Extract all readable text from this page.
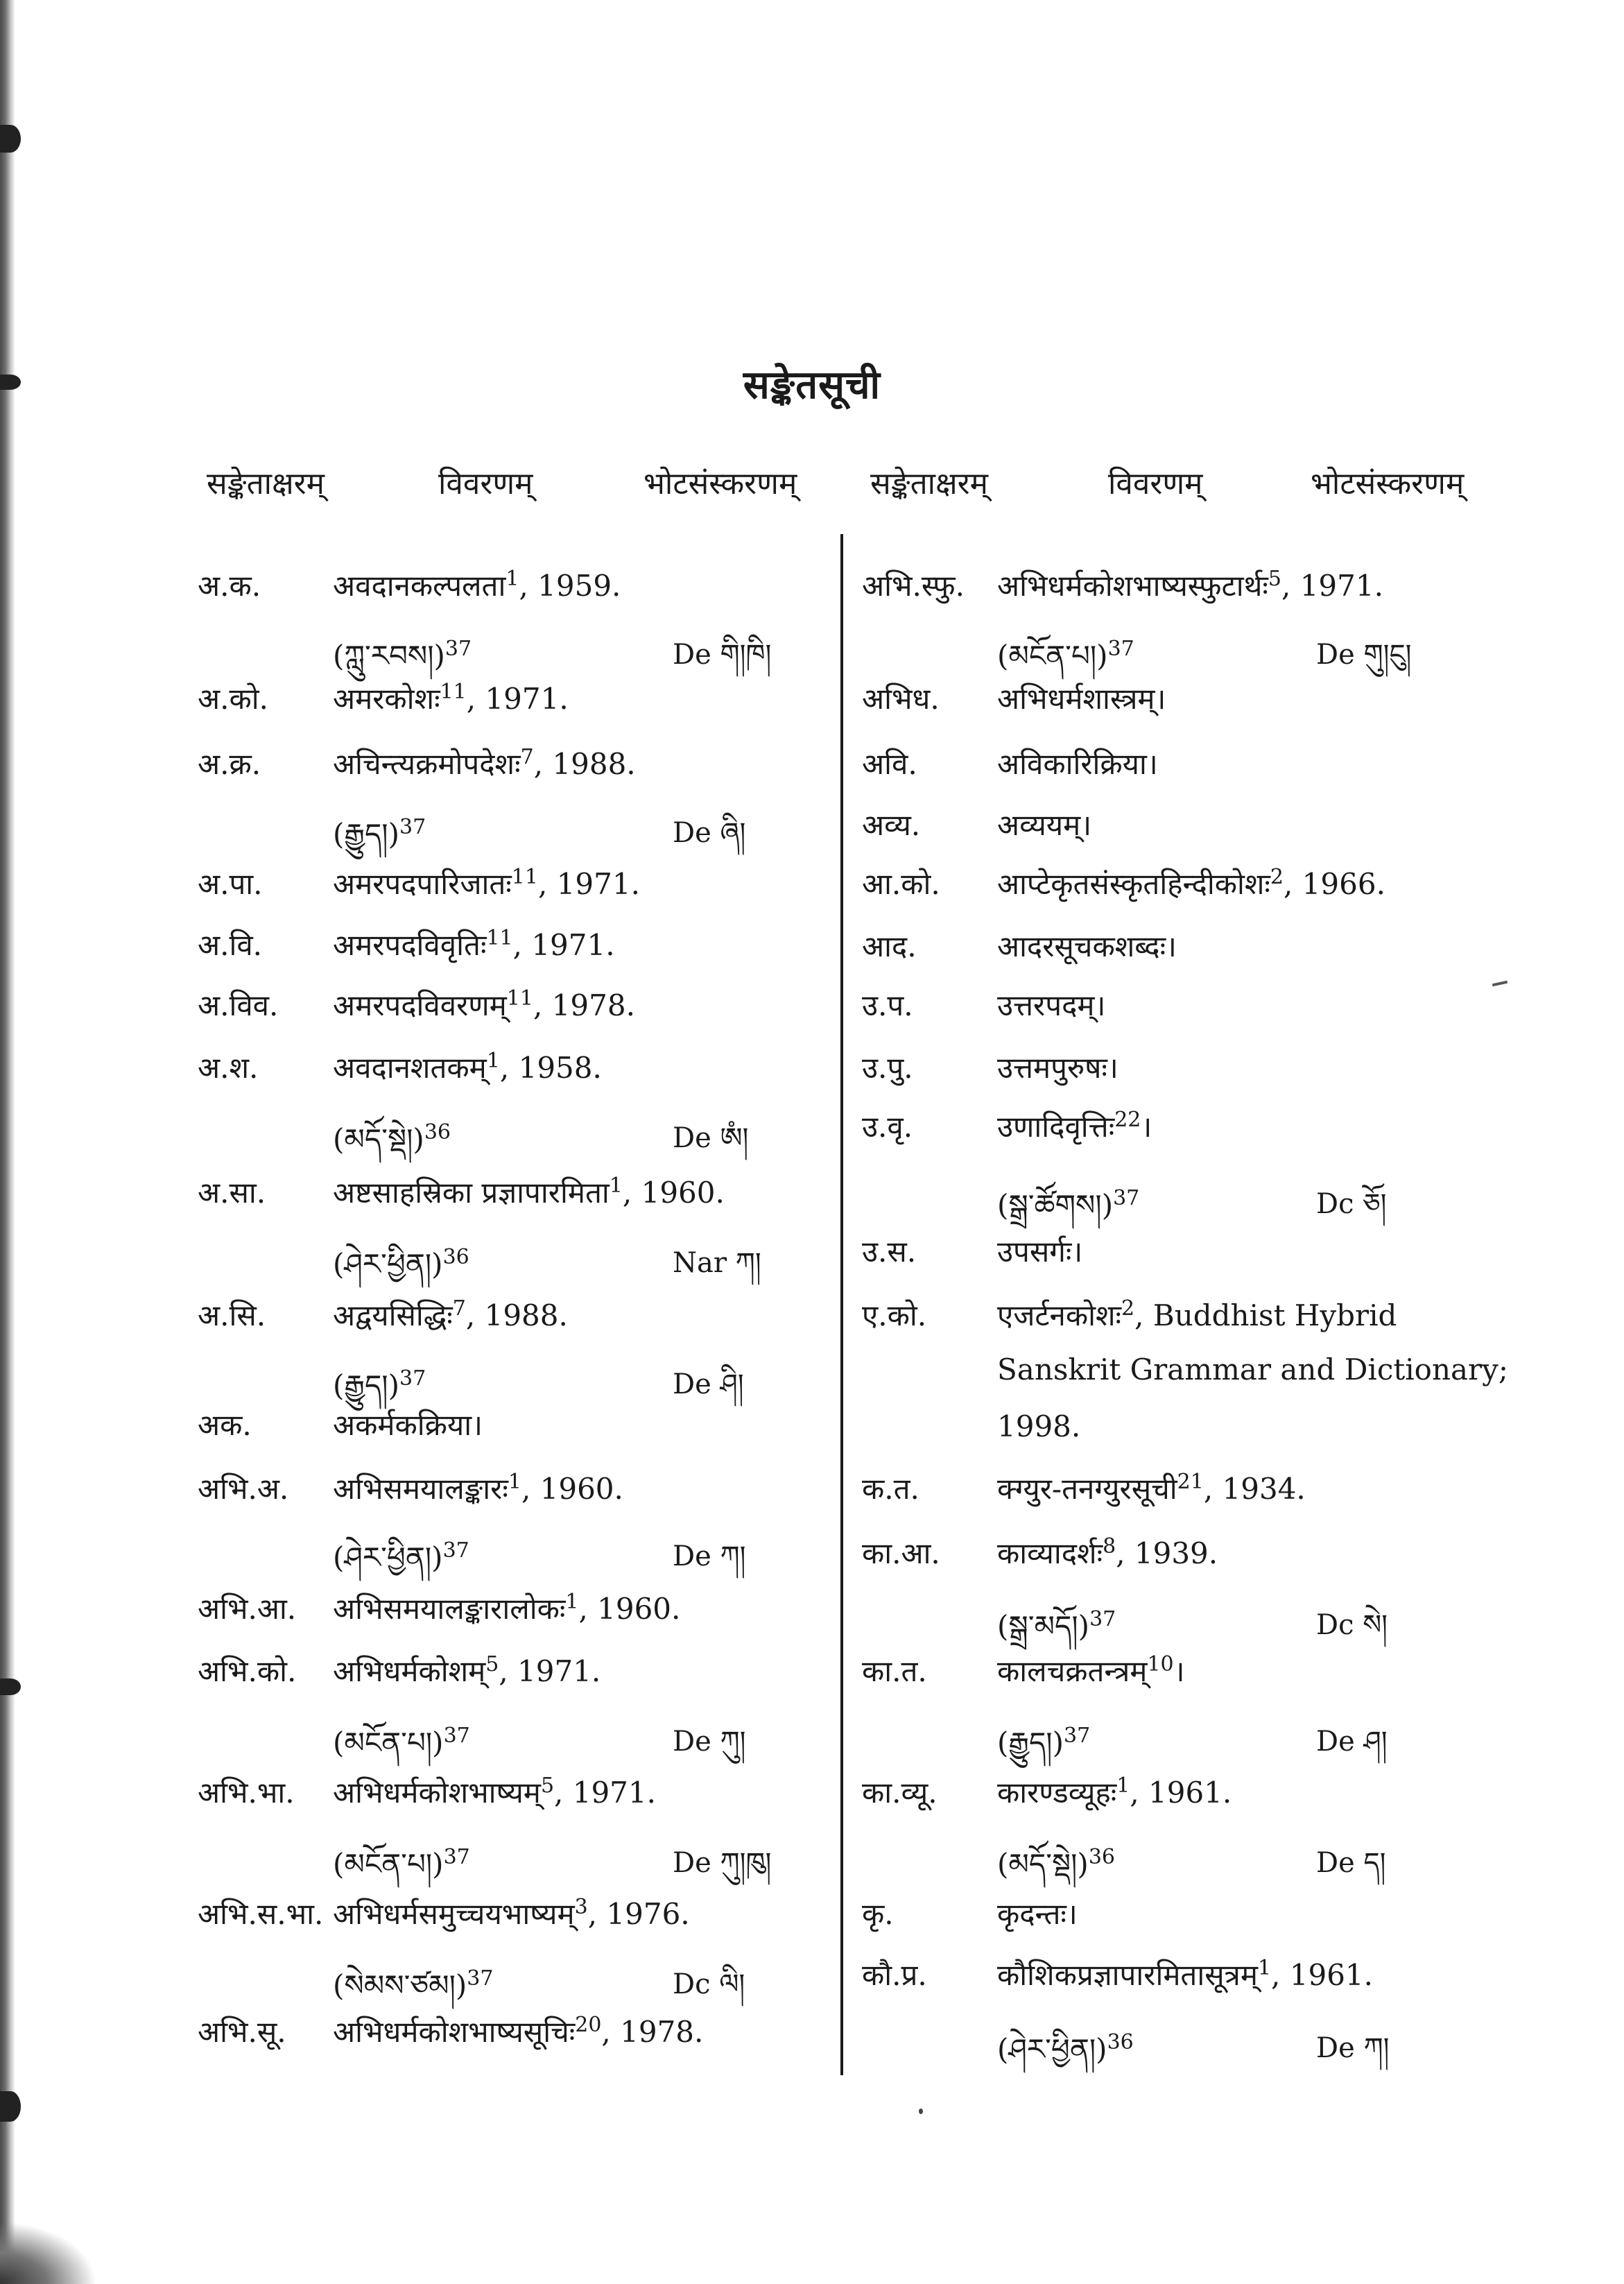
सङ्केतसूची
सङ्केताक्षरम्	विवरणम्	भोटसंस्करणम् सङ्केताक्षरम्	विवरणम्	भोटसंस्करणम्
अ.क. अवदानकल्पलता$^1$, 1959.
(ཀླུ་རབས།)$^{37}$	De གི།ཁི།
अ.को. अमरकोशः$^{11}$, 1971.
अ.क्र. अचिन्त्यक्रमोपदेशः$^7$, 1988.
(རྒྱུད།)$^{37}$	De ཞི།
अ.पा. अमरपदपारिजातः$^{11}$, 1971.
अ.वि. अमरपदविवृतिः$^{11}$, 1971.
अ.विव. अमरपदविवरणम्$^{11}$, 1978.
अ.श.	अवदानशतकम्$^1$, 1958.
(མདོ་སྡེ།)$^{36}$	De ཨཾ།
अ.सा. अष्टसाहस्रिका प्रज्ञापारमिता$^1$, 1960.
(ཤེར་ཕྱིན།)$^{36}$	Nar ཀ།
अ.सि. अद्वयसिद्धिः$^7$, 1988.
(རྒྱུད།)$^{37}$	De ཤི།
अक.	अकर्मकक्रिया।
अभि.अ. अभिसमयालङ्कारः$^1$, 1960.
(ཤེར་ཕྱིན།)$^{37}$	De ཀ།
अभि.आ. अभिसमयालङ्कारालोकः$^1$, 1960.
अभि.को. अभिधर्मकोशम्$^5$, 1971.
(མངོན་པ།)$^{37}$	De ཀུ།
अभि.भा. अभिधर्मकोशभाष्यम्$^5$, 1971.
(མངོན་པ།)$^{37}$	De ཀུ།ཁུ།
अभि.स.भा. अभिधर्मसमुच्चयभाष्यम्$^3$, 1976.
(སེམས་ཙམ།)$^{37}$	Dc ལི།
अभि.सू. अभिधर्मकोशभाष्यसूचिः$^{20}$, 1978.
अभि.स्फु. अभिधर्मकोशभाष्यस्फुटार्थः$^5$, 1971.
(མངོན་པ།)$^{37}$	De གུ།ངུ།
अभिध. अभिधर्मशास्त्रम्।
अवि.	अविकारिक्रिया।
अव्य.	अव्ययम्।
आ.को. आप्टेकृतसंस्कृतहिन्दीकोशः$^2$, 1966.
आद.	आदरसूचकशब्दः।
उ.प.	उत्तरपदम्।
उ.पु.	उत्तमपुरुषः।
उ.वृ.	उणादिवृत्तिः$^{22}$।
(སྒྲ་ཚོགས།)$^{37}$	Dc ཅོ།
उ.स.	उपसर्गः।
ए.को. एजर्टनकोशः$^2$, Buddhist Hybrid
Sanskrit Grammar and Dictionary;
1998.
क.त.	क्ग्युर-तनग्युरसूची$^{21}$, 1934.
का.आ. काव्यादर्शः$^8$, 1939.
(སྒྲ་མདོ།)$^{37}$	Dc སེ།
का.त. कालचक्रतन्त्रम्$^{10}$।
(རྒྱུད།)$^{37}$	De ཤ།
का.व्यू. कारण्डव्यूहः$^1$, 1961.
(མདོ་སྡེ།)$^{36}$	De ད།
कृ.	कृदन्तः।
कौ.प्र. कौशिकप्रज्ञापारमितासूत्रम्$^1$, 1961.
(ཤེར་ཕྱིན།)$^{36}$	De ཀ།
